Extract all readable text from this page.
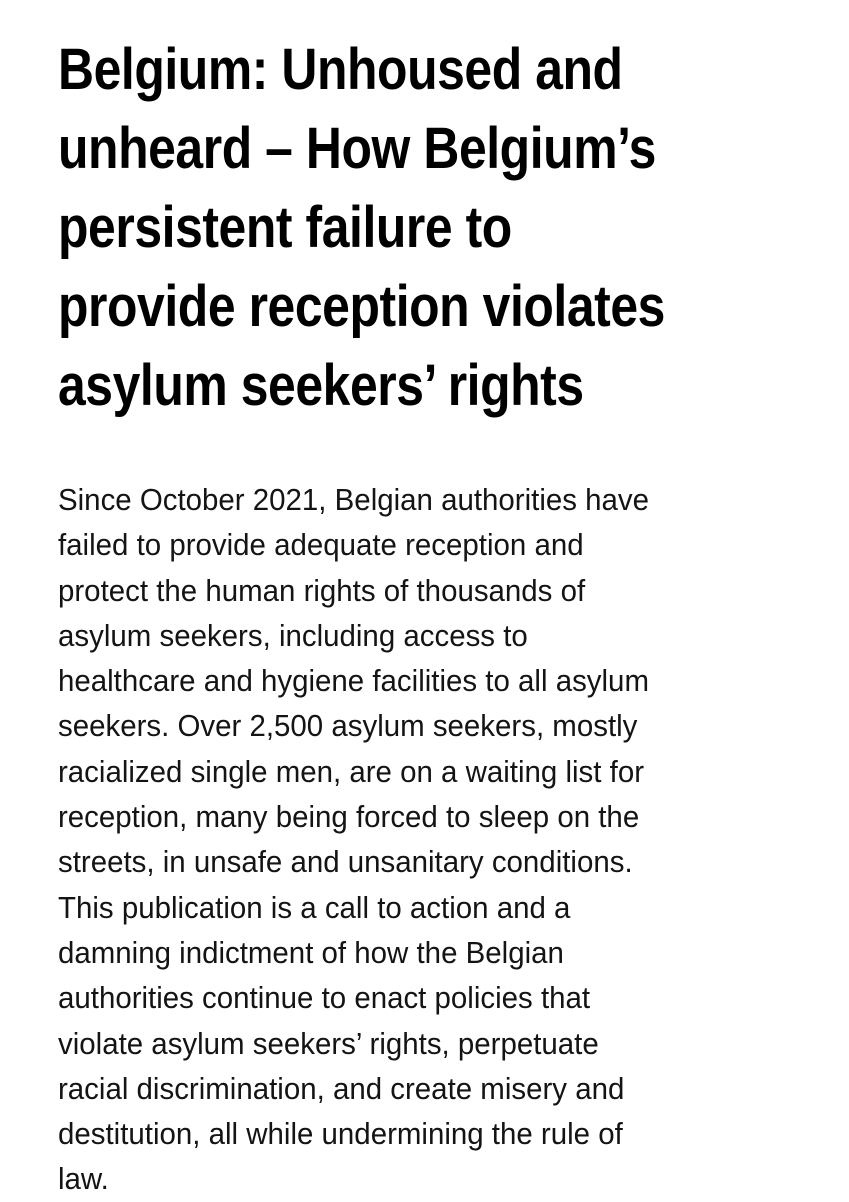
Belgium: Unhoused and
unheard – How Belgium’s
persistent failure to
provide reception violates
asylum seekers’ rights

Since October 2021, Belgian authorities have
failed to provide adequate reception and
protect the human rights of thousands of
asylum seekers, including access to
healthcare and hygiene facilities to all asylum
seekers. Over 2,500 asylum seekers, mostly
racialized single men, are on a waiting list for
reception, many being forced to sleep on the
streets, in unsafe and unsanitary conditions.
This publication is a call to action and a
damning indictment of how the Belgian
authorities continue to enact policies that
violate asylum seekers’ rights, perpetuate
racial discrimination, and create misery and
destitution, all while undermining the rule of
law.
